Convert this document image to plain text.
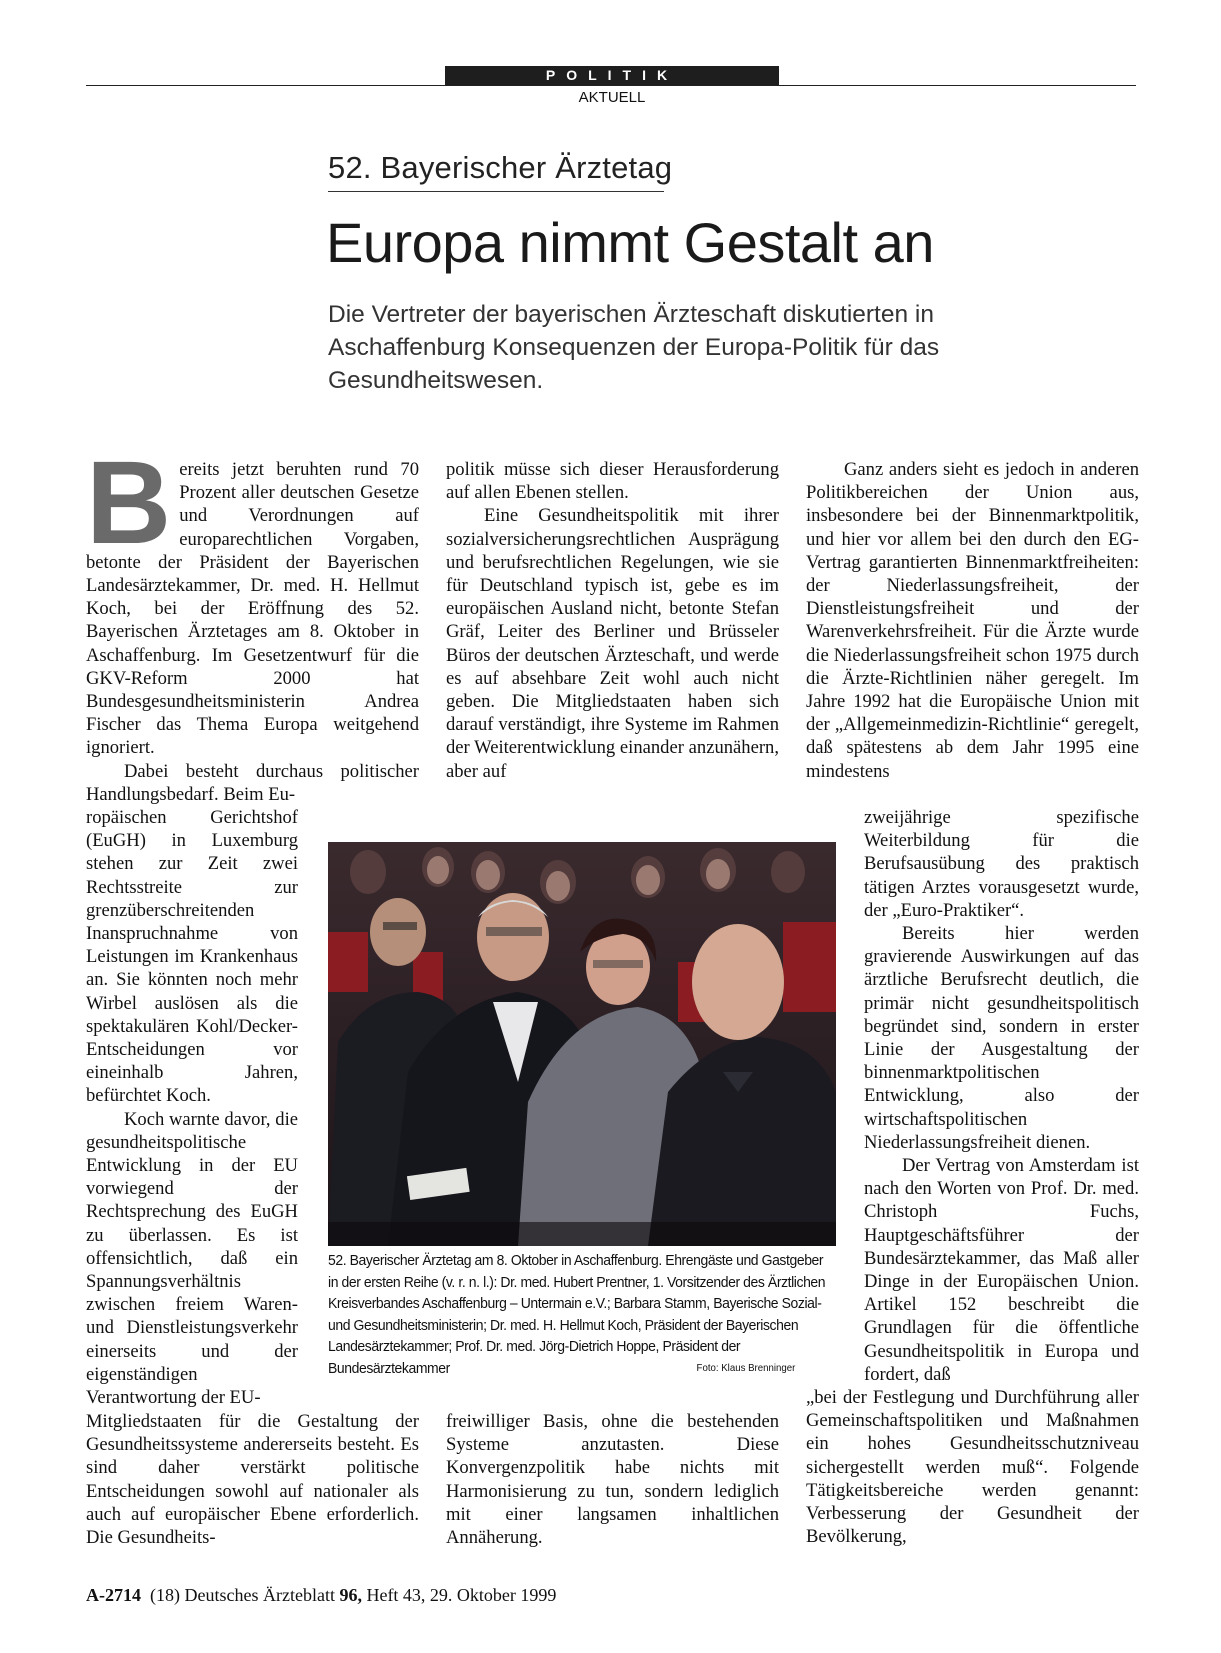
POLITIK
AKTUELL
52. Bayerischer Ärztetag
Europa nimmt Gestalt an
Die Vertreter der bayerischen Ärzteschaft diskutierten in Aschaffenburg Konsequenzen der Europa-Politik für das Gesundheitswesen.

Bereits jetzt beruhten rund 70 Prozent aller deutschen Gesetze und Verordnungen auf europarechtlichen Vorgaben, betonte der Präsident der Bayerischen Landesärztekammer, Dr. med. H. Hellmut Koch, bei der Eröffnung des 52. Bayerischen Ärztetages am 8. Oktober in Aschaffenburg. Im Gesetzentwurf für die GKV-Reform 2000 hat Bundesgesundheitsministerin Andrea Fischer das Thema Europa weitgehend ignoriert.

Dabei besteht durchaus politischer Handlungsbedarf. Beim Eu-

ropäischen Gerichtshof (EuGH) in Luxemburg stehen zur Zeit zwei Rechtsstreite zur grenzüberschreitenden Inanspruchnahme von Leistungen im Krankenhaus an. Sie könnten noch mehr Wirbel auslösen als die spektakulären Kohl/Decker-Entscheidungen vor eineinhalb Jahren, befürchtet Koch.

Koch warnte davor, die gesundheitspolitische Entwicklung in der EU vorwiegend der Rechtsprechung des EuGH zu überlassen. Es ist offensichtlich, daß ein Spannungsverhältnis zwischen freiem Waren- und Dienstleistungsverkehr einerseits und der eigenständigen Verantwortung der EU-

Mitgliedstaaten für die Gestaltung der Gesundheitssysteme andererseits besteht. Es sind daher verstärkt politische Entscheidungen sowohl auf nationaler als auch auf europäischer Ebene erforderlich. Die Gesundheits-

politik müsse sich dieser Herausforderung auf allen Ebenen stellen.

Eine Gesundheitspolitik mit ihrer sozialversicherungsrechtlichen Ausprägung und berufsrechtlichen Regelungen, wie sie für Deutschland typisch ist, gebe es im europäischen Ausland nicht, betonte Stefan Gräf, Leiter des Berliner und Brüsseler Büros der deutschen Ärzteschaft, und werde es auf absehbare Zeit wohl auch nicht geben. Die Mitgliedstaaten haben sich darauf verständigt, ihre Systeme im Rahmen der Weiterentwicklung einander anzunähern, aber auf

freiwilliger Basis, ohne die bestehenden Systeme anzutasten. Diese Konvergenzpolitik habe nichts mit Harmonisierung zu tun, sondern lediglich mit einer langsamen inhaltlichen Annäherung.

Ganz anders sieht es jedoch in anderen Politikbereichen der Union aus, insbesondere bei der Binnenmarktpolitik, und hier vor allem bei den durch den EG-Vertrag garantierten Binnenmarktfreiheiten: der Niederlassungsfreiheit, der Dienstleistungsfreiheit und der Warenverkehrsfreiheit. Für die Ärzte wurde die Niederlassungsfreiheit schon 1975 durch die Ärzte-Richtlinien näher geregelt. Im Jahre 1992 hat die Europäische Union mit der „Allgemeinmedizin-Richtlinie“ geregelt, daß spätestens ab dem Jahr 1995 eine mindestens

zweijährige spezifische Weiterbildung für die Berufsausübung des praktisch tätigen Arztes vorausgesetzt wurde, der „Euro-Praktiker“.

Bereits hier werden gravierende Auswirkungen auf das ärztliche Berufsrecht deutlich, die primär nicht gesundheitspolitisch begründet sind, sondern in erster Linie der Ausgestaltung der binnenmarktpolitischen Entwicklung, also der wirtschaftspolitischen Niederlassungsfreiheit dienen.

Der Vertrag von Amsterdam ist nach den Worten von Prof. Dr. med. Christoph Fuchs, Hauptgeschäftsführer der Bundesärztekammer, das Maß aller Dinge in der Europäischen Union. Artikel 152 beschreibt die Grundlagen für die öffentliche Gesundheitspolitik in Europa und fordert, daß

„bei der Festlegung und Durchführung aller Gemeinschaftspolitiken und Maßnahmen ein hohes Gesundheitsschutzniveau sichergestellt werden muß“. Folgende Tätigkeitsbereiche werden genannt: Verbesserung der Gesundheit der Bevölkerung,

52. Bayerischer Ärztetag am 8. Oktober in Aschaffenburg. Ehrengäste und Gastgeber in der ersten Reihe (v. r. n. l.): Dr. med. Hubert Prentner, 1. Vorsitzender des Ärztlichen Kreisverbandes Aschaffenburg – Untermain e.V.; Barbara Stamm, Bayerische Sozial- und Gesundheitsministerin; Dr. med. H. Hellmut Koch, Präsident der Bayerischen Landesärztekammer; Prof. Dr. med. Jörg-Dietrich Hoppe, Präsident der Bundesärztekammer	Foto: Klaus Brenninger
A-2714 (18) Deutsches Ärzteblatt 96, Heft 43, 29. Oktober 1999
